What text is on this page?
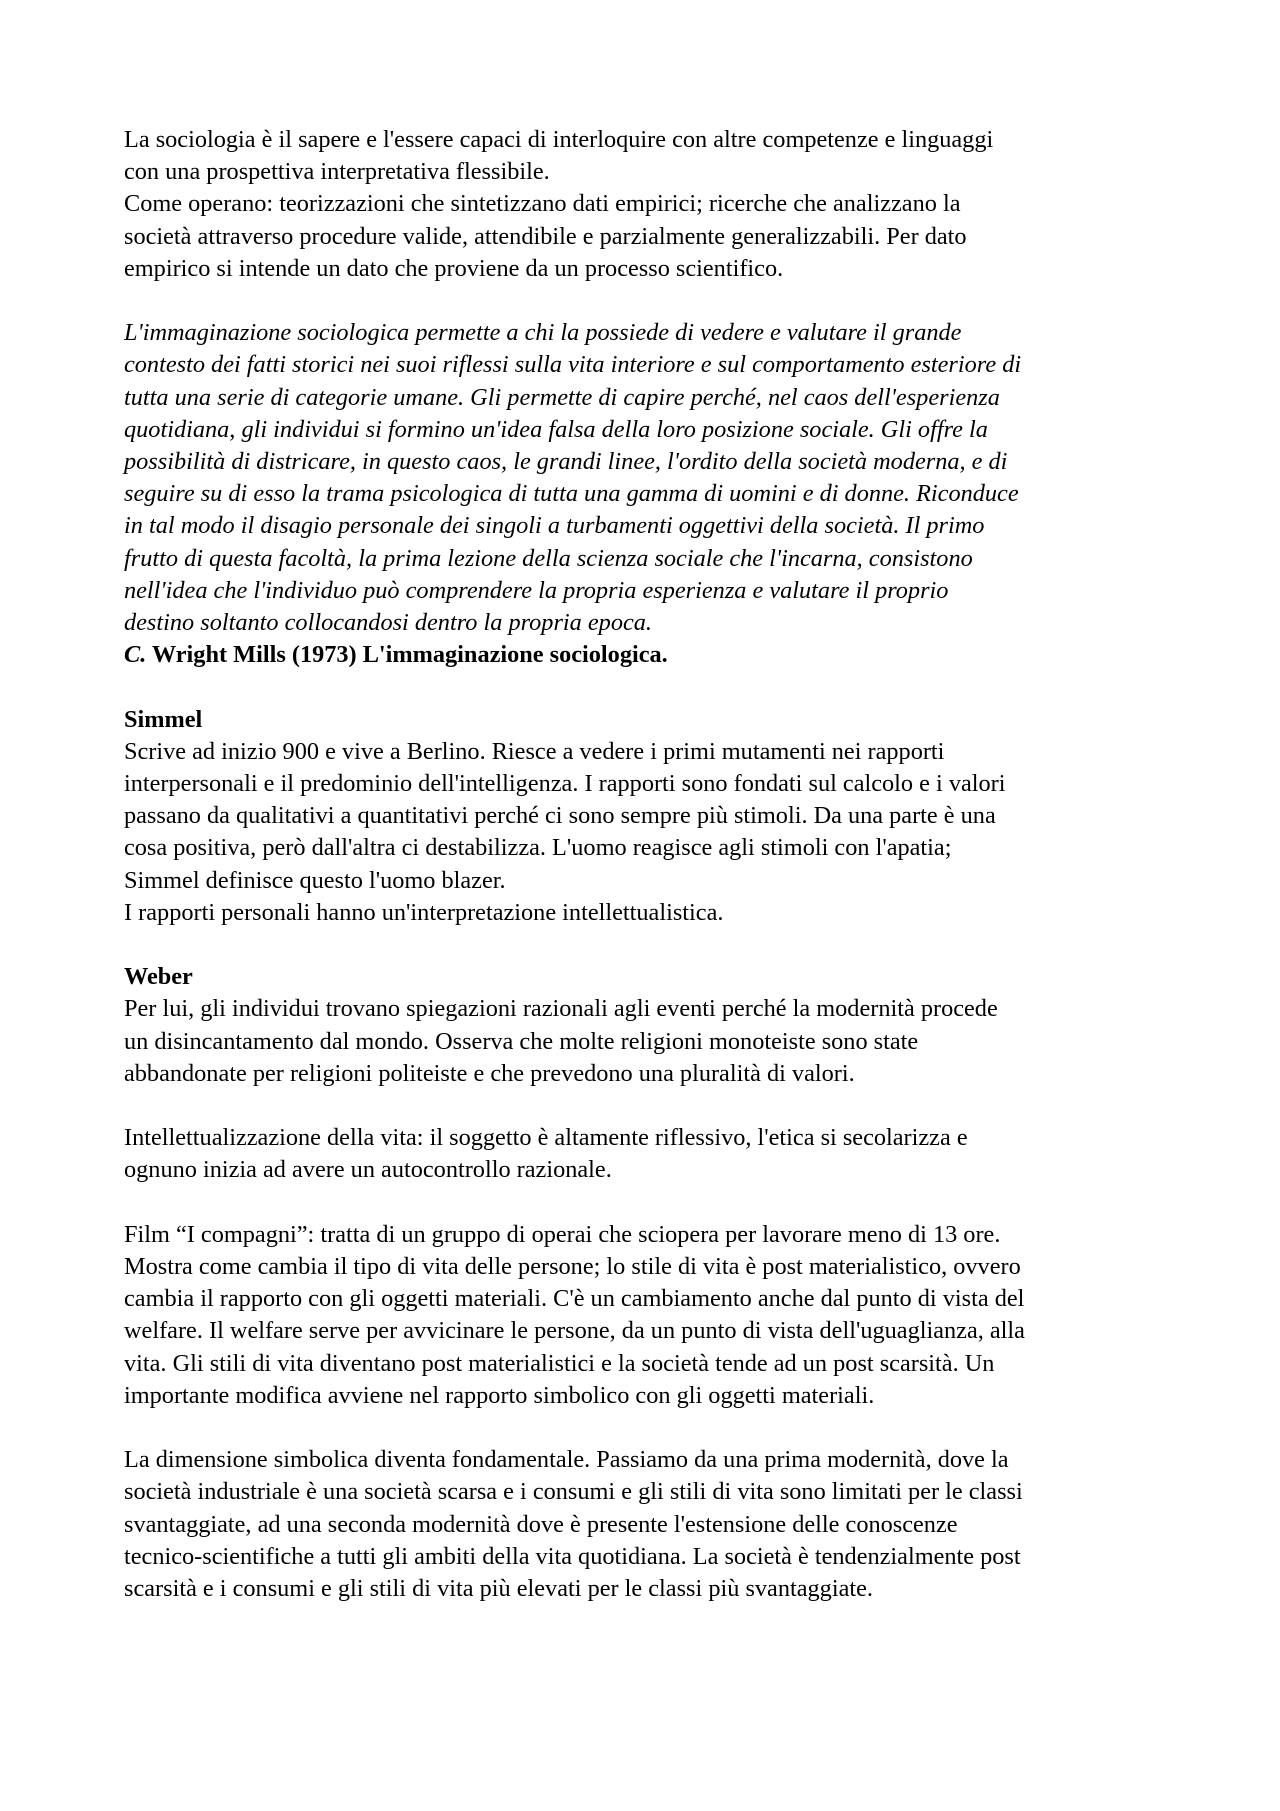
La sociologia è il sapere e l'essere capaci di interloquire con altre competenze e linguaggi
con una prospettiva interpretativa flessibile.
Come operano: teorizzazioni che sintetizzano dati empirici; ricerche che analizzano la
società attraverso procedure valide, attendibile e parzialmente generalizzabili. Per dato
empirico si intende un dato che proviene da un processo scientifico.

L'immaginazione sociologica permette a chi la possiede di vedere e valutare il grande
contesto dei fatti storici nei suoi riflessi sulla vita interiore e sul comportamento esteriore di
tutta una serie di categorie umane. Gli permette di capire perché, nel caos dell'esperienza
quotidiana, gli individui si formino un'idea falsa della loro posizione sociale. Gli offre la
possibilità di districare, in questo caos, le grandi linee, l'ordito della società moderna, e di
seguire su di esso la trama psicologica di tutta una gamma di uomini e di donne. Riconduce
in tal modo il disagio personale dei singoli a turbamenti oggettivi della società. Il primo
frutto di questa facoltà, la prima lezione della scienza sociale che l'incarna, consistono
nell'idea che l'individuo può comprendere la propria esperienza e valutare il proprio
destino soltanto collocandosi dentro la propria epoca.

C. Wright Mills (1973) L'immaginazione sociologica.

Simmel
Scrive ad inizio 900 e vive a Berlino. Riesce a vedere i primi mutamenti nei rapporti
interpersonali e il predominio dell'intelligenza. I rapporti sono fondati sul calcolo e i valori
passano da qualitativi a quantitativi perché ci sono sempre più stimoli. Da una parte è una
cosa positiva, però dall'altra ci destabilizza. L'uomo reagisce agli stimoli con l'apatia;
Simmel definisce questo l'uomo blazer.
I rapporti personali hanno un'interpretazione intellettualistica.

Weber
Per lui, gli individui trovano spiegazioni razionali agli eventi perché la modernità procede
un disincantamento dal mondo. Osserva che molte religioni monoteiste sono state
abbandonate per religioni politeiste e che prevedono una pluralità di valori.

Intellettualizzazione della vita: il soggetto è altamente riflessivo, l'etica si secolarizza e
ognuno inizia ad avere un autocontrollo razionale.

Film “I compagni”: tratta di un gruppo di operai che sciopera per lavorare meno di 13 ore.
Mostra come cambia il tipo di vita delle persone; lo stile di vita è post materialistico, ovvero
cambia il rapporto con gli oggetti materiali. C'è un cambiamento anche dal punto di vista del
welfare. Il welfare serve per avvicinare le persone, da un punto di vista dell'uguaglianza, alla
vita. Gli stili di vita diventano post materialistici e la società tende ad un post scarsità. Un
importante modifica avviene nel rapporto simbolico con gli oggetti materiali.

La dimensione simbolica diventa fondamentale. Passiamo da una prima modernità, dove la
società industriale è una società scarsa e i consumi e gli stili di vita sono limitati per le classi
svantaggiate, ad una seconda modernità dove è presente l'estensione delle conoscenze
tecnico-scientifiche a tutti gli ambiti della vita quotidiana. La società è tendenzialmente post
scarsità e i consumi e gli stili di vita più elevati per le classi più svantaggiate.
